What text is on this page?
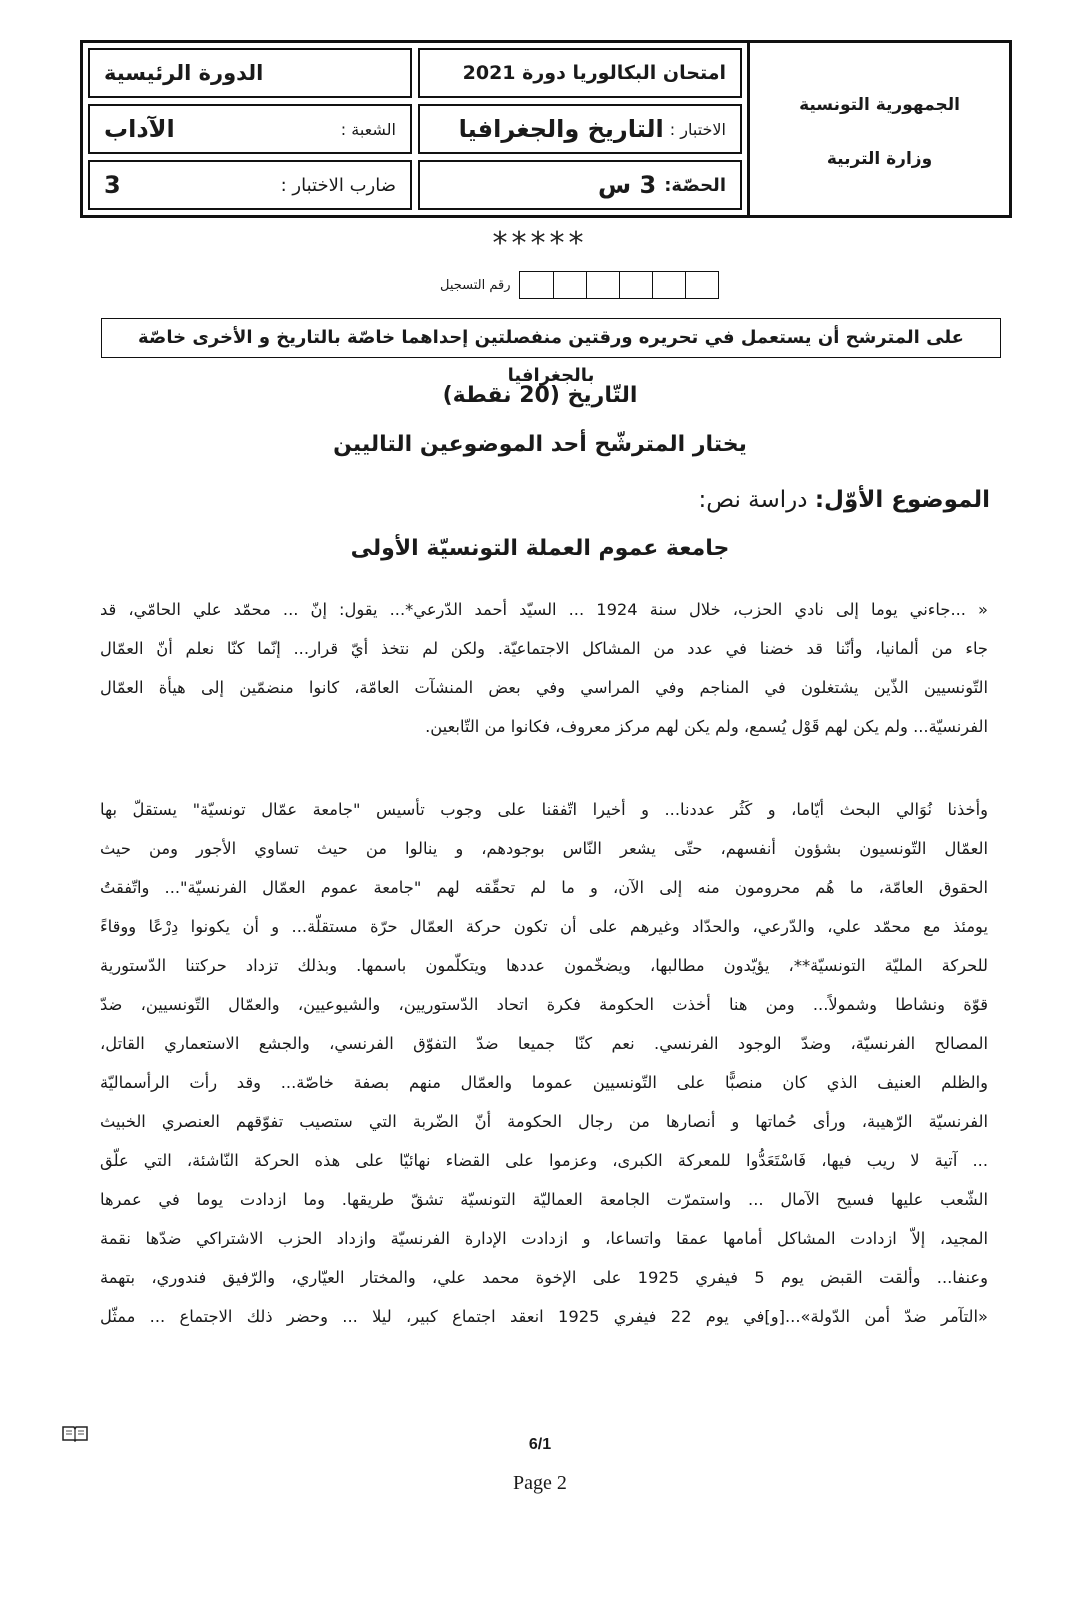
الجمهورية التونسية
وزارة التربية
امتحان البكالوريا دورة 2021
الدورة الرئيسية
الاختبار :
التاريخ والجغرافيا
الشعبة :
الآداب
الحصّة:
3 س
ضارب الاختبار :
3
*****
رقم التسجيل
على المترشح أن يستعمل في تحريره ورقتين منفصلتين إحداهما خاصّة بالتاريخ و الأخرى خاصّة بالجغرافيا
التّاريخ (20 نقطة)
يختار المترشّح أحد الموضوعين التاليين
الموضوع الأوّل: دراسة نص:
جامعة عموم العملة التونسيّة الأولى
« ...جاءني يوما إلى نادي الحزب، خلال سنة 1924 ... السيّد أحمد الدّرعي*... يقول: إنّ ... محمّد علي الحامّي، قد
جاء من ألمانيا، وأنّنا قد خضنا في عدد من المشاكل الاجتماعيّة. ولكن لم نتخذ أيّ قرار... إنّما كنّا نعلم أنّ العمّال
التّونسيين الذّين يشتغلون في المناجم وفي المراسي وفي بعض المنشآت العامّة، كانوا منضمّين إلى هيأة العمّال
الفرنسيّة... ولم يكن لهم قَوْل يُسمع، ولم يكن لهم مركز معروف، فكانوا من التّابعين.
وأخذنا نُوَالي البحث أيّاما، و كَثُر عددنا... و أخيرا اتّفقنا على وجوب تأسيس "جامعة عمّال تونسيّة" يستقلّ بها
العمّال التّونسيون بشؤون أنفسهم، حتّى يشعر النّاس بوجودهم، و ينالوا من حيث تساوي الأجور ومن حيث
الحقوق العامّة، ما هُم محرومون منه إلى الآن، و ما لم تحقّقه لهم "جامعة عموم العمّال الفرنسيّة"... واتّفقتُ
يومئذ مع محمّد علي، والدّرعي، والحدّاد وغيرهم على أن تكون حركة العمّال حرّة مستقلّة... و أن يكونوا دِرْعًا ووقاءً
للحركة المليّة التونسيّة**، يؤيّدون مطالبها، ويضخّمون عددها ويتكلّمون باسمها. وبذلك تزداد حركتنا الدّستورية
قوّة ونشاطا وشمولاً... ومن هنا أخذت الحكومة فكرة اتحاد الدّستوريين، والشيوعيين، والعمّال التّونسيين، ضدّ
المصالح الفرنسيّة، وضدّ الوجود الفرنسي. نعم كنّا جميعا ضدّ التفوّق الفرنسي، والجشع الاستعماري القاتل،
والظلم العنيف الذي كان منصبًّا على التّونسيين عموما والعمّال منهم بصفة خاصّة... وقد رأت الرأسماليّة
الفرنسيّة الرّهيبة، ورأى حُماتها و أنصارها من رجال الحكومة أنّ الضّربة التي ستصيب تفوّقهم العنصري الخبيث
... آتية لا ريب فيها، فَاسْتَعَدُّوا للمعركة الكبرى، وعزموا على القضاء نهائيّا على هذه الحركة النّاشئة، التي علّق
الشّعب عليها فسيح الآمال ... واستمرّت الجامعة العماليّة التونسيّة تشقّ طريقها. وما ازدادت يوما في عمرها
المجيد، إلاّ ازدادت المشاكل أمامها عمقا واتساعا، و ازدادت الإدارة الفرنسيّة وازداد الحزب الاشتراكي ضدّها نقمة
وعنفا... وألقت القبض يوم 5 فيفري 1925 على الإخوة محمد علي، والمختار العيّاري، والرّفيق فندوري، بتهمة
«التآمر ضدّ أمن الدّولة»...[و]في يوم 22 فيفري 1925 انعقد اجتماع كبير، ليلا ... وحضر ذلك الاجتماع ... ممثّل
6/1
Page 2
